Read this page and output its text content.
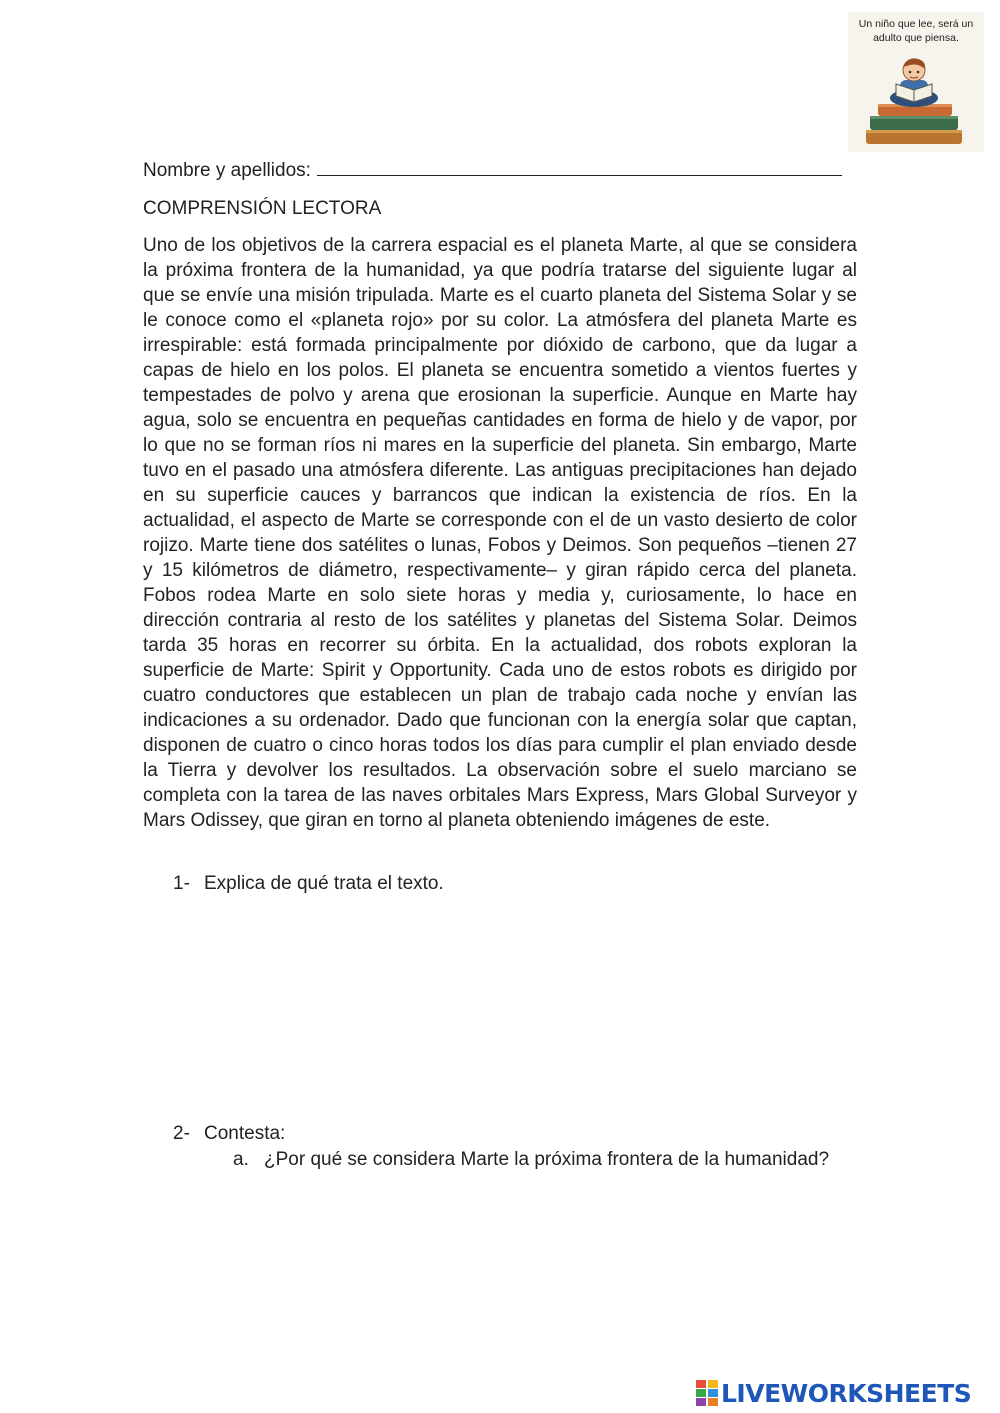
Un niño que lee, será un
adulto que piensa.
Nombre y apellidos:
COMPRENSIÓN LECTORA

Uno de los objetivos de la carrera espacial es el planeta Marte, al que se considera la próxima frontera de la humanidad, ya que podría tratarse del siguiente lugar al que se envíe una misión tripulada. Marte es el cuarto planeta del Sistema Solar y se le conoce como el «planeta rojo» por su color. La atmósfera del planeta Marte es irrespirable: está formada principalmente por dióxido de carbono, que da lugar a capas de hielo en los polos. El planeta se encuentra sometido a vientos fuertes y tempestades de polvo y arena que erosionan la superficie. Aunque en Marte hay agua, solo se encuentra en pequeñas cantidades en forma de hielo y de vapor, por lo que no se forman ríos ni mares en la superficie del planeta. Sin embargo, Marte tuvo en el pasado una atmósfera diferente. Las antiguas precipitaciones han dejado en su superficie cauces y barrancos que indican la existencia de ríos. En la actualidad, el aspecto de Marte se corresponde con el de un vasto desierto de color rojizo. Marte tiene dos satélites o lunas, Fobos y Deimos. Son pequeños –tienen 27 y 15 kilómetros de diámetro, respectivamente– y giran rápido cerca del planeta. Fobos rodea Marte en solo siete horas y media y, curiosamente, lo hace en dirección contraria al resto de los satélites y planetas del Sistema Solar. Deimos tarda 35 horas en recorrer su órbita. En la actualidad, dos robots exploran la superficie de Marte: Spirit y Opportunity. Cada uno de estos robots es dirigido por cuatro conductores que establecen un plan de trabajo cada noche y envían las indicaciones a su ordenador. Dado que funcionan con la energía solar que captan, disponen de cuatro o cinco horas todos los días para cumplir el plan enviado desde la Tierra y devolver los resultados. La observación sobre el suelo marciano se completa con la tarea de las naves orbitales Mars Express, Mars Global Surveyor y Mars Odissey, que giran en torno al planeta obteniendo imágenes de este.

1- Explica de qué trata el texto.
2- Contesta:
a. ¿Por qué se considera Marte la próxima frontera de la humanidad?
LIVEWORKSHEETS
